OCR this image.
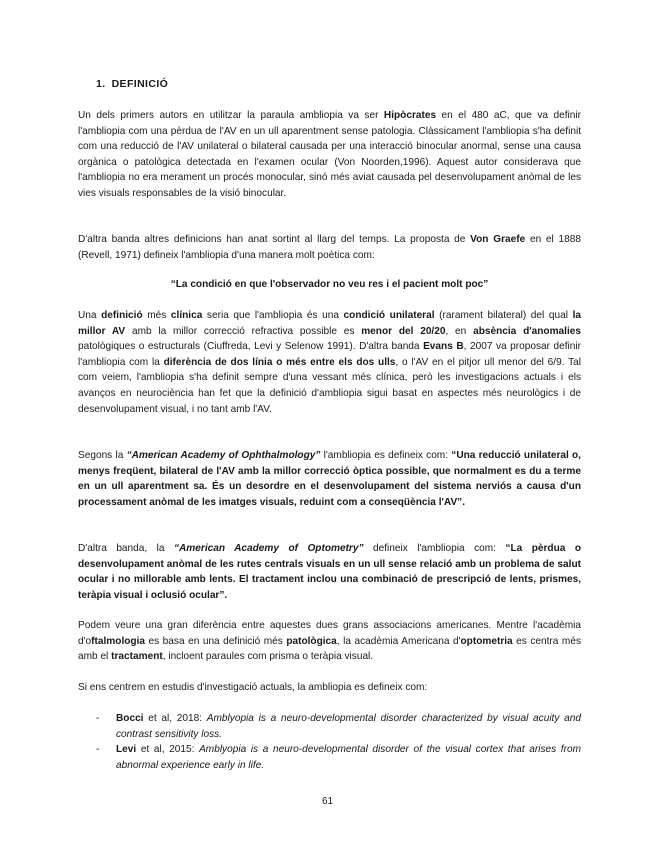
1. DEFINICIÓ

Un dels primers autors en utilitzar la paraula ambliopia va ser Hipòcrates en el 480 aC, que va definir l'ambliopia com una pèrdua de l'AV en un ull aparentment sense patologia. Clàssicament l'ambliopia s'ha definit com una reducció de l'AV unilateral o bilateral causada per una interacció binocular anormal, sense una causa orgànica o patològica detectada en l'examen ocular (Von Noorden,1996). Aquest autor considerava que l'ambliopia no era merament un procés monocular, sinó més aviat causada pel desenvolupament anòmal de les vies visuals responsables de la visió binocular.

D'altra banda altres definicions han anat sortint al llarg del temps. La proposta de Von Graefe en el 1888 (Revell, 1971) defineix l'ambliopia d'una manera molt poètica com:

“La condició en que l'observador no veu res i el pacient molt poc”

Una definició més clínica seria que l'ambliopia és una condició unilateral (rarament bilateral) del qual la millor AV amb la millor correcció refractiva possible es menor del 20/20, en absència d'anomalies patològiques o estructurals (Ciuffreda, Levi y Selenow 1991). D'altra banda Evans B, 2007 va proposar definir l'ambliopia com la diferència de dos línia o més entre els dos ulls, o l'AV en el pitjor ull menor del 6/9. Tal com veiem, l'ambliopia s'ha definit sempre d'una vessant més clínica, però les investigacions actuals i els avanços en neurociència han fet que la definició d'ambliopia sigui basat en aspectes més neurològics i de desenvolupament visual, i no tant amb l'AV.

Segons la “American Academy of Ophthalmology” l'ambliopia es defineix com: “Una reducció unilateral o, menys freqüent, bilateral de l'AV amb la millor correcció òptica possible, que normalment es du a terme en un ull aparentment sa. És un desordre en el desenvolupament del sistema nerviós a causa d'un processament anòmal de les imatges visuals, reduint com a conseqüència l'AV”.

D'altra banda, la “American Academy of Optometry” defineix l'ambliopia com: “La pèrdua o desenvolupament anòmal de les rutes centrals visuals en un ull sense relació amb un problema de salut ocular i no millorable amb lents. El tractament inclou una combinació de prescripció de lents, prismes, teràpia visual i oclusió ocular”.

Podem veure una gran diferència entre aquestes dues grans associacions americanes. Mentre l'acadèmia d'oftalmologia es basa en una definició més patològica, la acadèmia Americana d'optometria es centra més amb el tractament, incloent paraules com prisma o teràpia visual.

Si ens centrem en estudis d'investigació actuals, la ambliopia es defineix com:

- Bocci et al, 2018: Amblyopia is a neuro-developmental disorder characterized by visual acuity and contrast sensitivity loss.
- Levi et al, 2015: Amblyopia is a neuro-developmental disorder of the visual cortex that arises from abnormal experience early in life.
61
